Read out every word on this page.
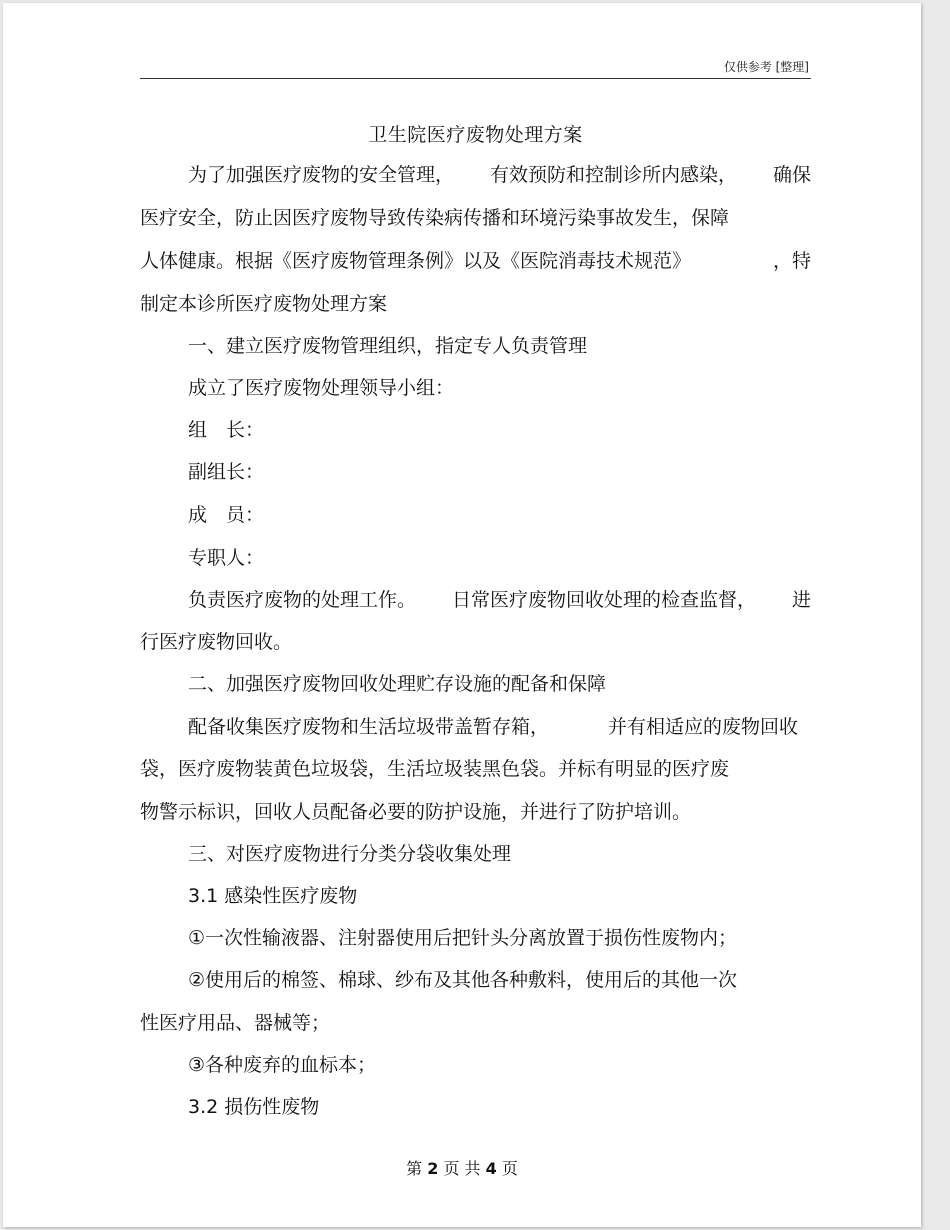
仅供参考 [整理]
卫生院医疗废物处理方案
为了加强医疗废物的安全管理， 有效预防和控制诊所内感染， 确保
医疗安全，防止因医疗废物导致传染病传播和环境污染事故发生，保障
人体健康。根据《医疗废物管理条例》以及《医院消毒技术规范》	，特
制定本诊所医疗废物处理方案
一、建立医疗废物管理组织，指定专人负责管理
成立了医疗废物处理领导小组：
组　长：
副组长：
成　员：
专职人：
负责医疗废物的处理工作。 日常医疗废物回收处理的检查监督， 进
行医疗废物回收。
二、加强医疗废物回收处理贮存设施的配备和保障
配备收集医疗废物和生活垃圾带盖暂存箱，	并有相适应的废物回收
袋，医疗废物装黄色垃圾袋，生活垃圾装黑色袋。并标有明显的医疗废
物警示标识，回收人员配备必要的防护设施，并进行了防护培训。
三、对医疗废物进行分类分袋收集处理
3.1 感染性医疗废物
①一次性输液器、注射器使用后把针头分离放置于损伤性废物内；
②使用后的棉签、棉球、纱布及其他各种敷料，使用后的其他一次
性医疗用品、器械等；
③各种废弃的血标本；
3.2 损伤性废物
第 2 页 共 4 页
